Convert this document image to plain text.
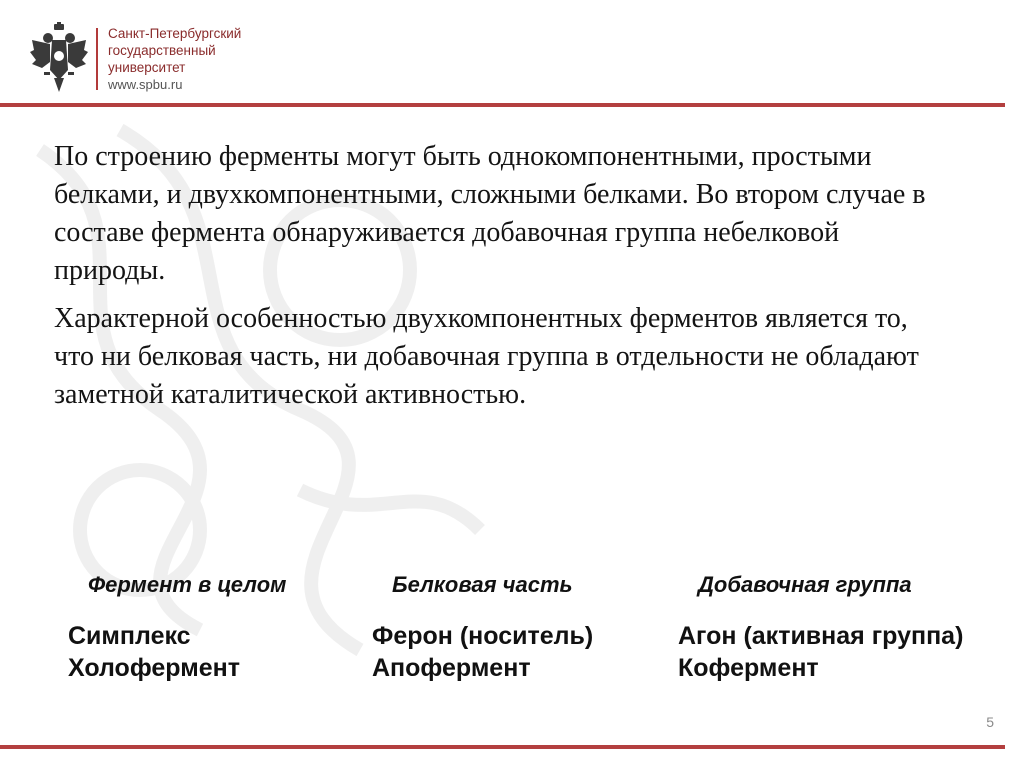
Санкт-Петербургский
государственный
университет
www.spbu.ru

По строению ферменты могут быть однокомпонентными, простыми белками, и двухкомпонентными, сложными белками. Во втором случае в составе фермента обнаруживается добавочная группа небелковой природы.

Характерной особенностью двухкомпонентных ферментов является то, что ни белковая часть, ни добавочная группа в отдельности не обладают заметной каталитической активностью.

Фермент в целом
Симплекс
Холофермент
Белковая часть
Ферон (носитель)
Апофермент
Добавочная группа
Агон (активная группа)
Кофермент
5
